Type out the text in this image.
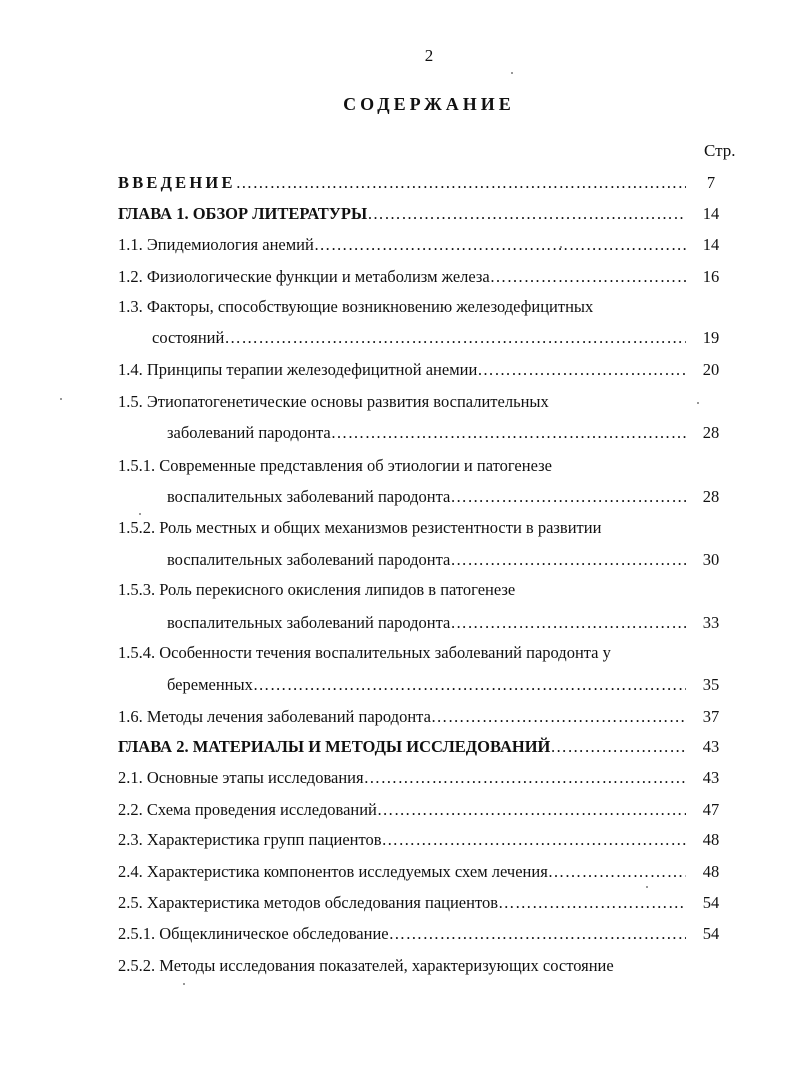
2
СОДЕРЖАНИЕ
Стр.
ВВЕДЕНИЕ …………………………………………………………………………………………………………………………………………………………………………………………	7
ГЛАВА 1. ОБЗОР ЛИТЕРАТУРЫ …………………………………………………………………………………………………………………………………………………………………………………………	14
1.1. Эпидемиология анемий …………………………………………………………………………………………………………………………………………………………………………………………	14
1.2. Физиологические функции и метаболизм железа …………………………………………………………………………………………………………………………………………………………………………………………	16
1.3. Факторы, способствующие возникновению железодефицитных
состояний …………………………………………………………………………………………………………………………………………………………………………………………	19
1.4. Принципы терапии железодефицитной анемии …………………………………………………………………………………………………………………………………………………………………………………………	20
1.5. Этиопатогенетические основы развития воспалительных
заболеваний пародонта …………………………………………………………………………………………………………………………………………………………………………………………	28
1.5.1. Современные представления об этиологии и патогенезе
воспалительных заболеваний пародонта …………………………………………………………………………………………………………………………………………………………………………………………	28
1.5.2. Роль местных и общих механизмов резистентности в развитии
воспалительных заболеваний пародонта …………………………………………………………………………………………………………………………………………………………………………………………	30
1.5.3. Роль перекисного окисления липидов в патогенезе
воспалительных заболеваний пародонта …………………………………………………………………………………………………………………………………………………………………………………………	33
1.5.4. Особенности течения воспалительных заболеваний пародонта у
беременных …………………………………………………………………………………………………………………………………………………………………………………………	35
1.6. Методы лечения заболеваний пародонта …………………………………………………………………………………………………………………………………………………………………………………………	37
ГЛАВА 2. МАТЕРИАЛЫ И МЕТОДЫ ИССЛЕДОВАНИЙ …………………………………………………………………………………………………………………………………………………………………………………………	43
2.1. Основные этапы исследования …………………………………………………………………………………………………………………………………………………………………………………………	43
2.2. Схема проведения исследований …………………………………………………………………………………………………………………………………………………………………………………………	47
2.3. Характеристика групп пациентов …………………………………………………………………………………………………………………………………………………………………………………………	48
2.4. Характеристика компонентов исследуемых схем лечения …………………………………………………………………………………………………………………………………………………………………………………………	48
2.5. Характеристика методов обследования пациентов …………………………………………………………………………………………………………………………………………………………………………………………	54
2.5.1. Общеклиническое обследование …………………………………………………………………………………………………………………………………………………………………………………………	54
2.5.2. Методы исследования показателей, характеризующих состояние
